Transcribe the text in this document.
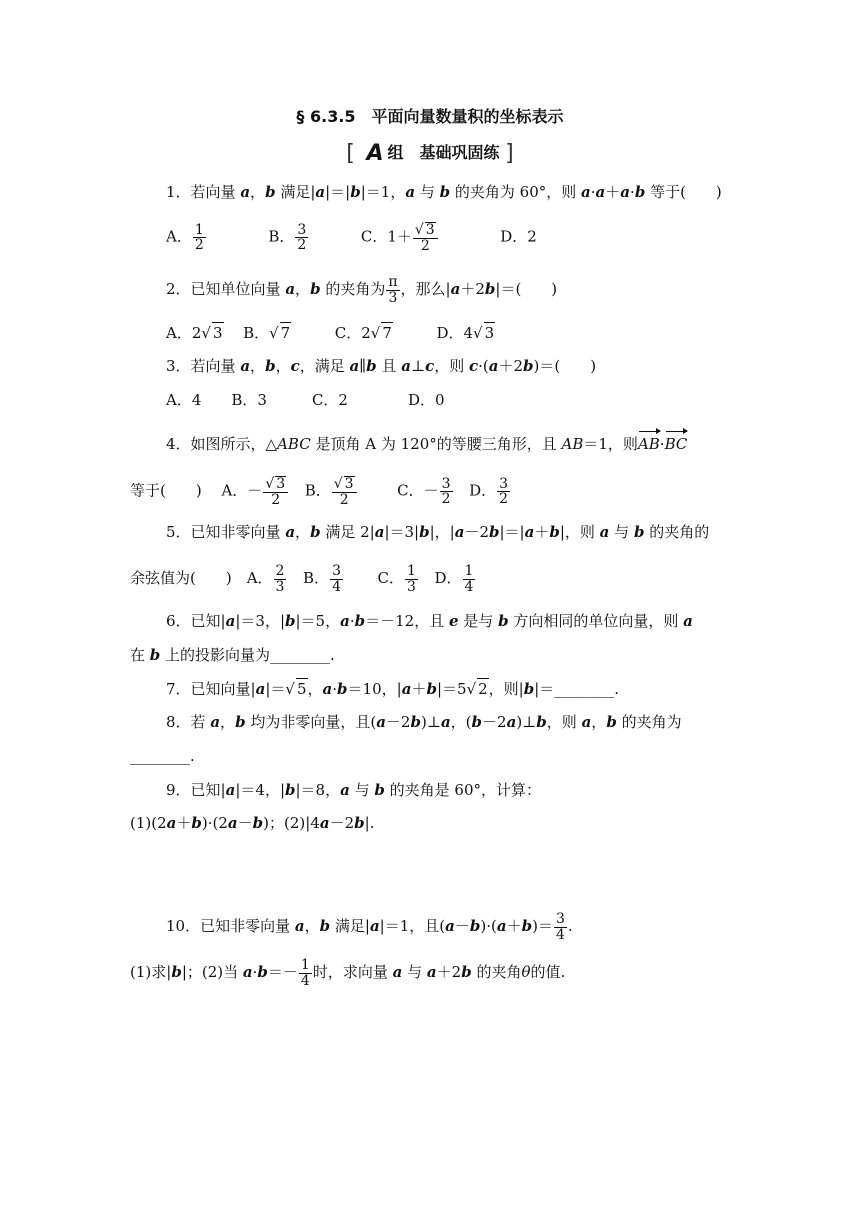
§ 6.3.5　平面向量数量积的坐标表示
[ A 组　基础巩固练 ]
1．若向量 a，b 满足|a|＝|b|＝1，a 与 b 的夹角为 60°，则 a·a＋a·b 等于(　　)
A． $\frac{1}{2}$	B． $\frac{3}{2}$	C．$1+ \frac{√ 3}{2}$	D．2
2．已知单位向量 a，b 的夹角为 $\frac{\pi}{3}$ ，那么|a＋2b|＝(　　)
A．2√ 3 B．√ 7	C．2√ 7	D．4√ 3
3．若向量 a，b，c，满足 a∥b 且 a⊥c，则 c·(a＋2b)＝(　　)
A．4　　B．3　　　C．2　　　　D．0
4．如图所示，△ABC 是顶角 A 为 120°的等腰三角形，且 AB＝1，则AB·BC
等于(　　)　 A．－ $\frac{√ 3}{2}$ B． $\frac{√ 3}{2}$	C．－ $\frac{3}{2}$ D． $\frac{3}{2}$
5．已知非零向量 a，b 满足 2|a|＝3|b|，|a－2b|＝|a＋b|，则 a 与 b 的夹角的
余弦值为(　　)　A． $\frac{2}{3}$ B． $\frac{3}{4}$ C． $\frac{1}{3}$ D． $\frac{1}{4}$
6．已知|a|＝3，|b|＝5，a·b＝－12，且 e 是与 b 方向相同的单位向量，则 a
在 b 上的投影向量为________.
7．已知向量|a|＝√ 5，a·b＝10，|a＋b|＝5√ 2，则|b|＝________.
8．若 a，b 均为非零向量，且(a－2b)⊥a，(b－2a)⊥b，则 a，b 的夹角为
________.
9．已知|a|＝4，|b|＝8，a 与 b 的夹角是 60°，计算：
(1)(2a＋b)·(2a－b)；(2)|4a－2b|.
10．已知非零向量 a，b 满足|a|＝1，且$(a-b)\cdot(a+b)= \frac{3}{4}$ .
(1)求|b|；(2)当 $a\cdot b=- \frac{1}{4}$ 时，求向量 a 与 a＋2b 的夹角θ的值.
